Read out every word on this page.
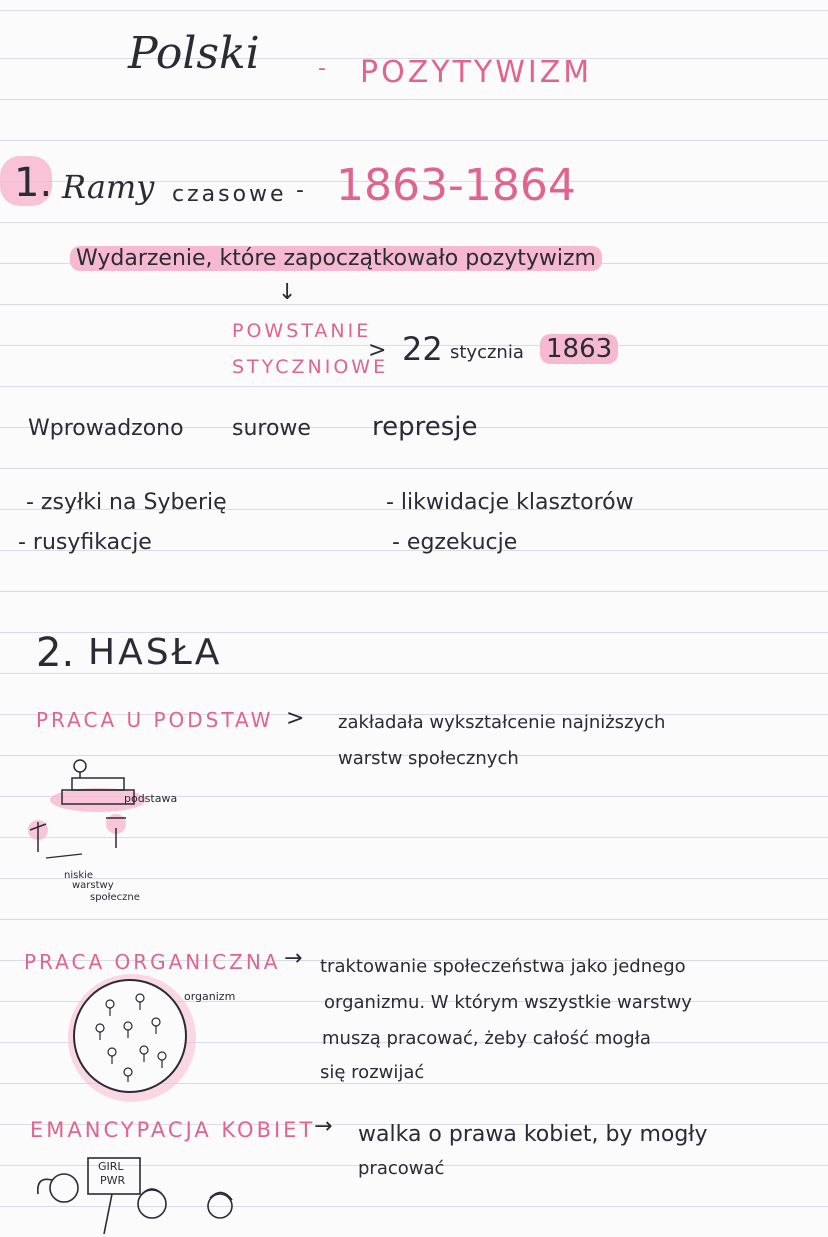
Polski	- POZYTYWIZM
1. Ramy czasowe - 1863-1864
Wydarzenie, które zapoczątkowało pozytywizm
↓
POWSTANIE
STYCZNIOWE
> 22 stycznia 1863
Wprowadzono surowe represje
- zsyłki na Syberię
- rusyfikacje
- likwidacje klasztorów
- egzekucje
2. HASŁA
PRACA U PODSTAW > zakładała wykształcenie najniższych
warstw społecznych
podstawa
niskie
warstwy
społeczne
PRACA ORGANICZNA → traktowanie społeczeństwa jako jednego
organizmu. W którym wszystkie warstwy
muszą pracować, żeby całość mogła
się rozwijać
organizm
EMANCYPACJA KOBIET
→ walka o prawa kobiet, by mogły
pracować
GIRL
PWR
